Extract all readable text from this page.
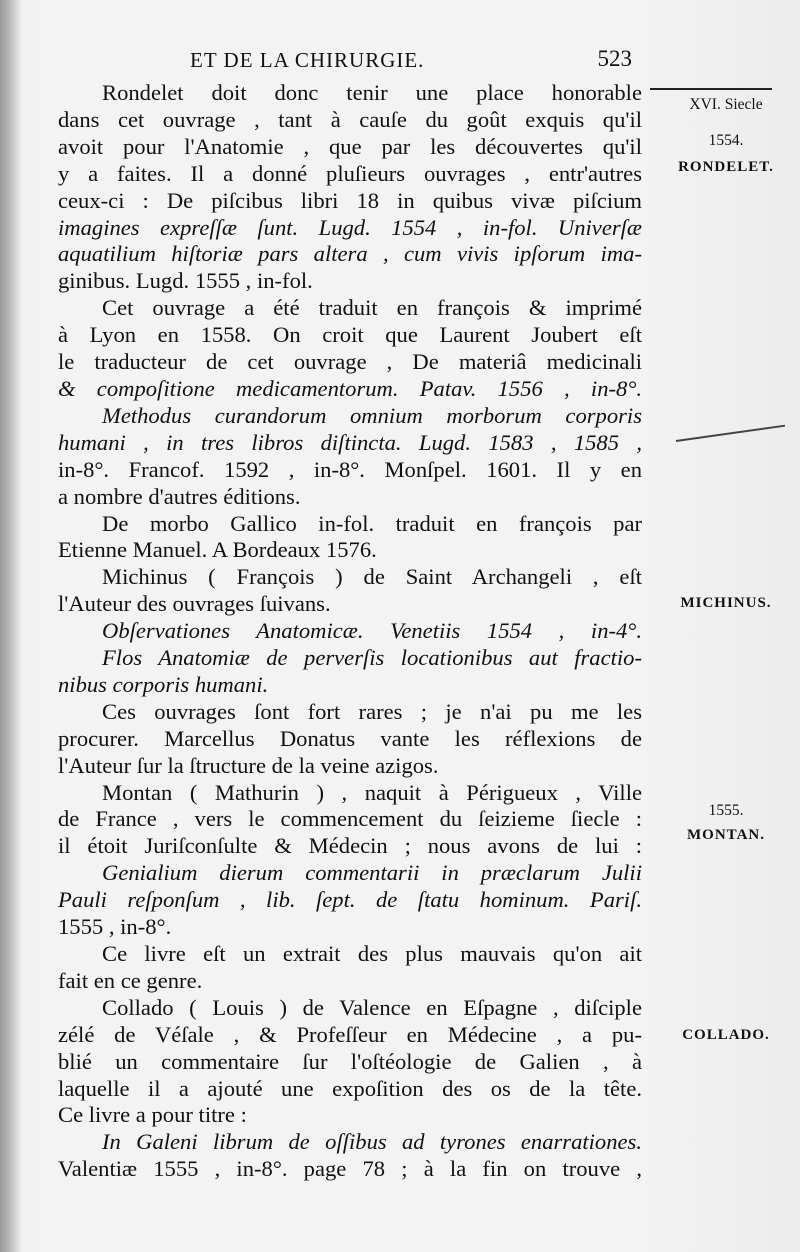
ET DE LA CHIRURGIE.	523
XVI. Siecle
1554.
RONDELET.
MICHINUS.
1555.
MONTAN.
COLLADO.
Rondelet doit donc tenir une place honorable
dans cet ouvrage , tant à cauſe du goût exquis qu'il
avoit pour l'Anatomie , que par les découvertes qu'il
y a faites. Il a donné pluſieurs ouvrages , entr'autres
ceux-ci : De piſcibus libri 18 in quibus vivæ piſcium
imagines expreſſæ ſunt. Lugd. 1554 , in-fol. Univerſæ
aquatilium hiſtoriæ pars altera , cum vivis ipſorum ima-
ginibus. Lugd. 1555 , in-fol.
Cet ouvrage a été traduit en françois & imprimé
à Lyon en 1558. On croit que Laurent Joubert eſt
le traducteur de cet ouvrage , De materiâ medicinali
& compoſitione medicamentorum. Patav. 1556 , in-8°.
Methodus curandorum omnium morborum corporis
humani , in tres libros diſtincta. Lugd. 1583 , 1585 ,
in-8°. Francof. 1592 , in-8°. Monſpel. 1601. Il y en
a nombre d'autres éditions.
De morbo Gallico in-fol. traduit en françois par
Etienne Manuel. A Bordeaux 1576.
Michinus ( François ) de Saint Archangeli , eſt
l'Auteur des ouvrages ſuivans.
Obſervationes Anatomicæ. Venetiis 1554 , in-4°.
Flos Anatomiæ de perverſis locationibus aut fractio-
nibus corporis humani.
Ces ouvrages ſont fort rares ; je n'ai pu me les
procurer. Marcellus Donatus vante les réflexions de
l'Auteur ſur la ſtructure de la veine azigos.
Montan ( Mathurin ) , naquit à Périgueux , Ville
de France , vers le commencement du ſeizieme ſiecle :
il étoit Juriſconſulte & Médecin ; nous avons de lui :
Genialium dierum commentarii in præclarum Julii
Pauli reſponſum , lib. ſept. de ſtatu hominum. Pariſ.
1555 , in-8°.
Ce livre eſt un extrait des plus mauvais qu'on ait
fait en ce genre.
Collado ( Louis ) de Valence en Eſpagne , diſciple
zélé de Véſale , & Profeſſeur en Médecine , a pu-
blié un commentaire ſur l'oſtéologie de Galien , à
laquelle il a ajouté une expoſition des os de la tête.
Ce livre a pour titre :
In Galeni librum de oſſibus ad tyrones enarrationes.
Valentiæ 1555 , in-8°. page 78 ; à la fin on trouve ,
